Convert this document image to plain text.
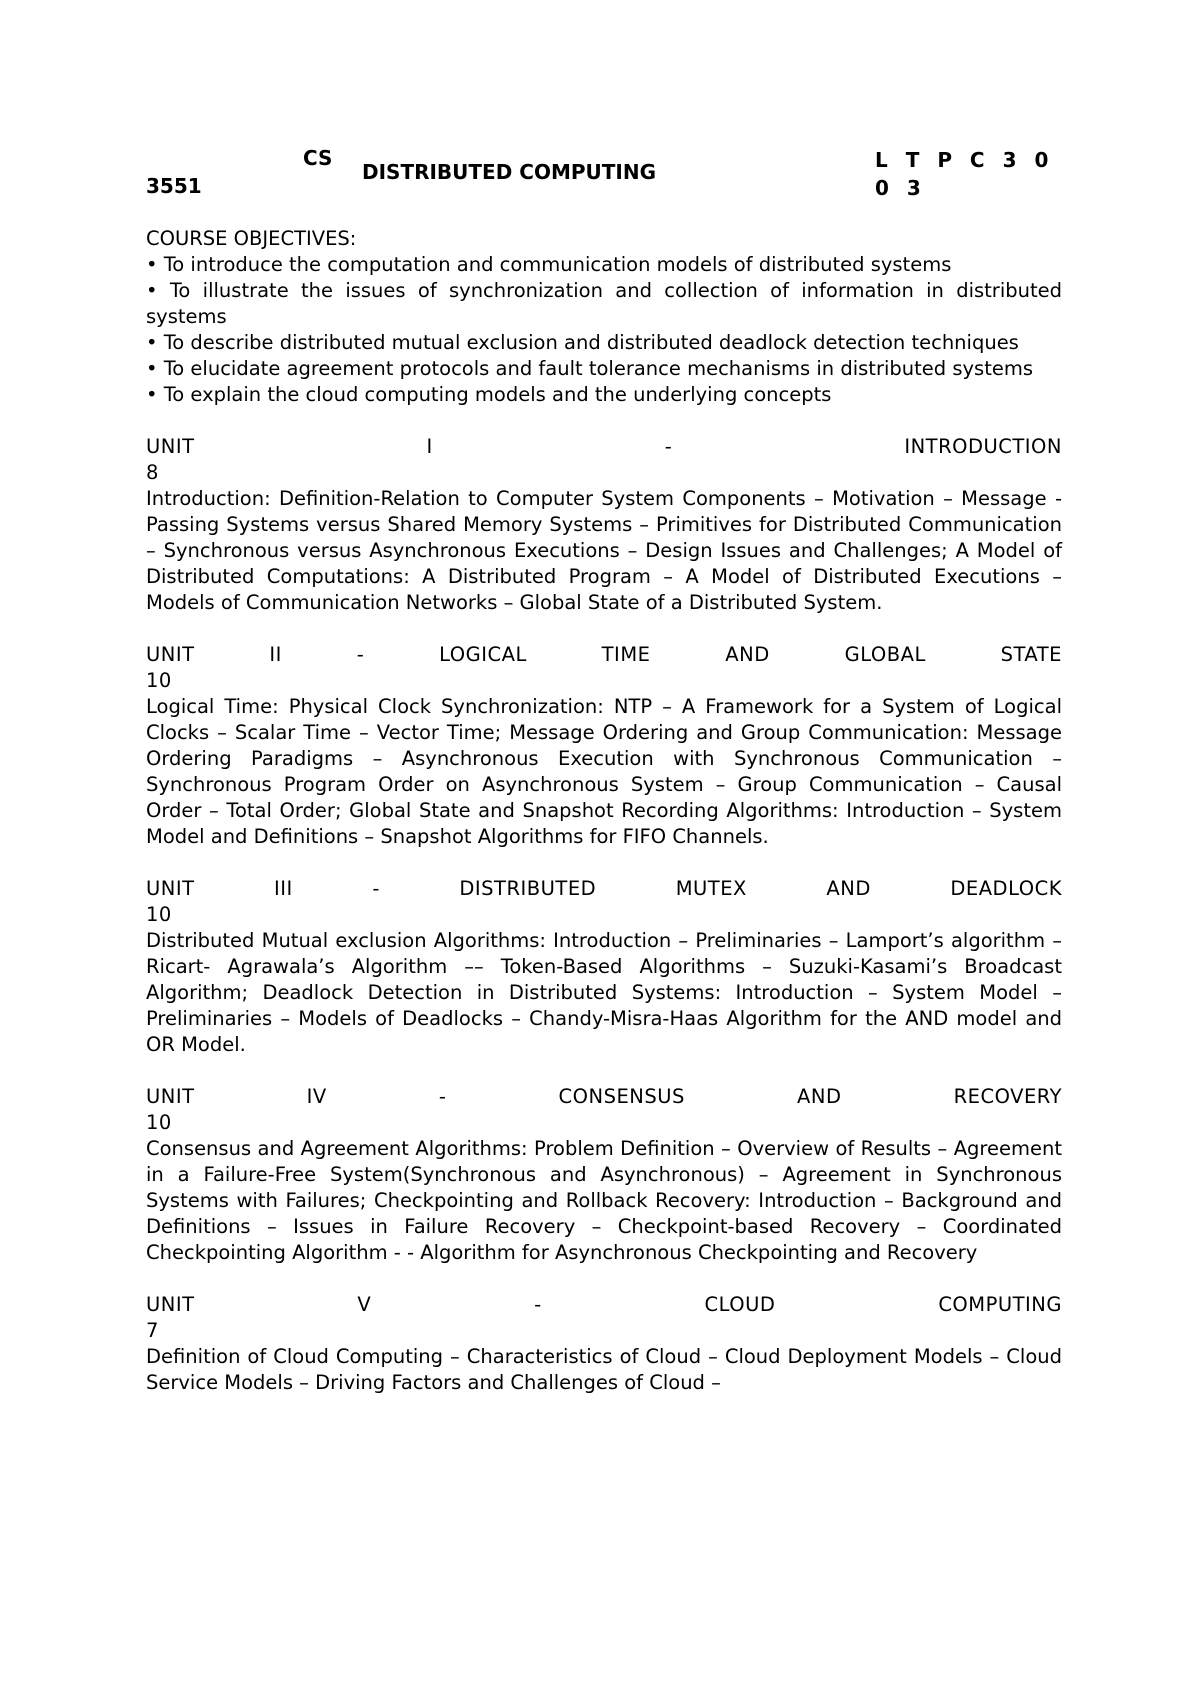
CS
3551
DISTRIBUTED COMPUTING	L T P C 3 0 0 3
COURSE OBJECTIVES:
• To introduce the computation and communication models of distributed systems
• To illustrate the issues of synchronization and collection of information in distributed systems
• To describe distributed mutual exclusion and distributed deadlock detection techniques
• To elucidate agreement protocols and fault tolerance mechanisms in distributed systems
• To explain the cloud computing models and the underlying concepts
UNIT I - INTRODUCTION
8

Introduction: Definition-Relation to Computer System Components – Motivation – Message - Passing Systems versus Shared Memory Systems – Primitives for Distributed Communication – Synchronous versus Asynchronous Executions – Design Issues and Challenges; A Model of Distributed Computations: A Distributed Program – A Model of Distributed Executions – Models of Communication Networks – Global State of a Distributed System.

UNIT II - LOGICAL TIME AND GLOBAL STATE
10

Logical Time: Physical Clock Synchronization: NTP – A Framework for a System of Logical Clocks – Scalar Time – Vector Time; Message Ordering and Group Communication: Message Ordering Paradigms – Asynchronous Execution with Synchronous Communication – Synchronous Program Order on Asynchronous System – Group Communication – Causal Order – Total Order; Global State and Snapshot Recording Algorithms: Introduction – System Model and Definitions – Snapshot Algorithms for FIFO Channels.

UNIT III - DISTRIBUTED MUTEX AND DEADLOCK
10

Distributed Mutual exclusion Algorithms: Introduction – Preliminaries – Lamport’s algorithm – Ricart- Agrawala’s Algorithm –– Token-Based Algorithms – Suzuki-Kasami’s Broadcast Algorithm; Deadlock Detection in Distributed Systems: Introduction – System Model – Preliminaries – Models of Deadlocks – Chandy-Misra-Haas Algorithm for the AND model and OR Model.

UNIT IV - CONSENSUS AND RECOVERY
10

Consensus and Agreement Algorithms: Problem Definition – Overview of Results – Agreement in a Failure-Free System(Synchronous and Asynchronous) – Agreement in Synchronous Systems with Failures; Checkpointing and Rollback Recovery: Introduction – Background and Definitions – Issues in Failure Recovery – Checkpoint-based Recovery – Coordinated Checkpointing Algorithm - - Algorithm for Asynchronous Checkpointing and Recovery

UNIT V - CLOUD COMPUTING
7

Definition of Cloud Computing – Characteristics of Cloud – Cloud Deployment Models – Cloud Service Models – Driving Factors and Challenges of Cloud –
